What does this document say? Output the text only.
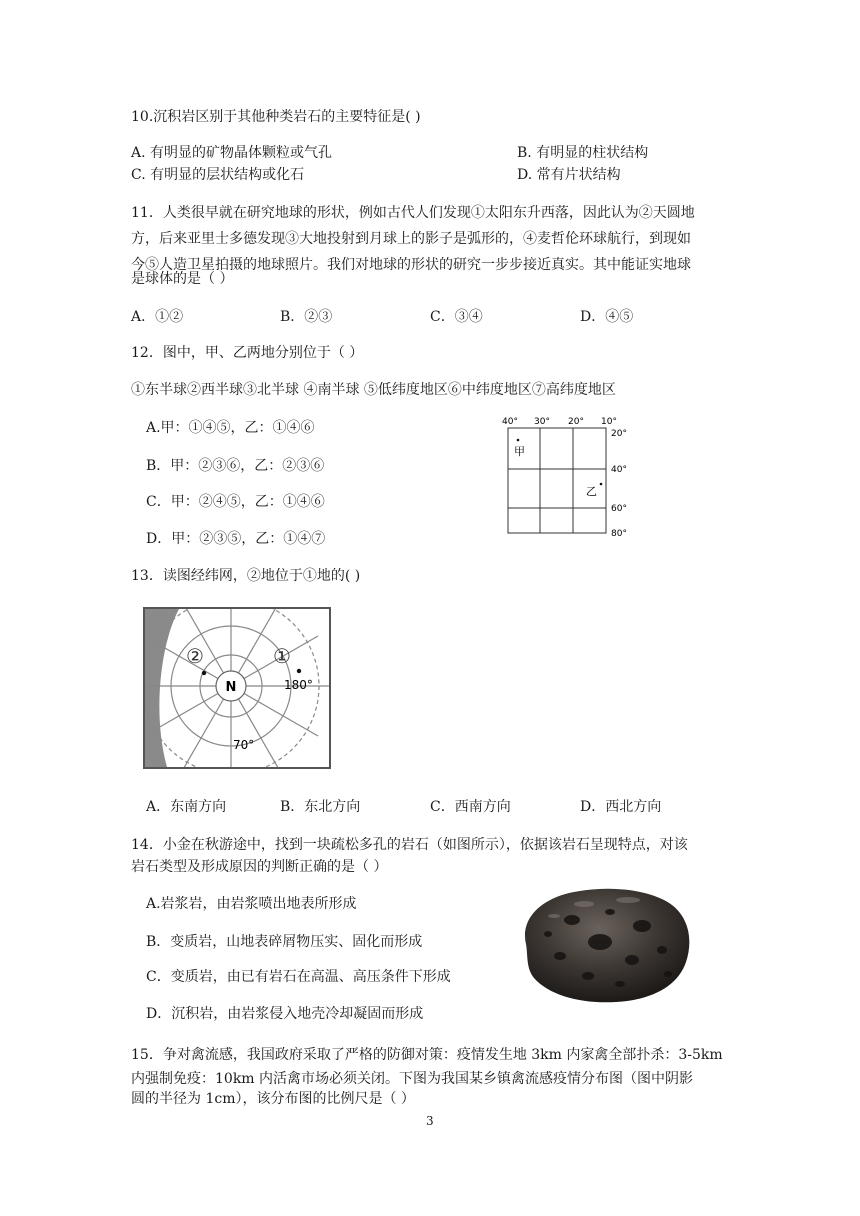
10.沉积岩区别于其他种类岩石的主要特征是( )
A. 有明显的矿物晶体颗粒或气孔	B. 有明显的柱状结构
C. 有明显的层状结构或化石	D. 常有片状结构
11．人类很早就在研究地球的形状，例如古代人们发现①太阳东升西落，因此认为②天圆地
方，后来亚里士多德发现③大地投射到月球上的影子是弧形的，④麦哲伦环球航行，到现如
今⑤人造卫星拍摄的地球照片。我们对地球的形状的研究一步步接近真实。其中能证实地球
是球体的是（ ）
A．①②	B．②③	C．③④	D．④⑤
12．图中，甲、乙两地分别位于（ ）
①东半球②西半球③北半球 ④南半球 ⑤低纬度地区⑥中纬度地区⑦高纬度地区
A.甲：①④⑤，乙：①④⑥
B．甲：②③⑥，乙：②③⑥
C．甲：②④⑤，乙：①④⑥
D．甲：②③⑤，乙：①④⑦
40° 30° 20° 10°
20°
40°
60°
80°
甲
乙
13．读图经纬网，②地位于①地的( )
N
②	①
180°
70°
A．东南方向	B．东北方向	C．西南方向	D．西北方向
14．小金在秋游途中，找到一块疏松多孔的岩石（如图所示），依据该岩石呈现特点，对该
岩石类型及形成原因的判断正确的是（ ）
A.岩浆岩，由岩浆喷出地表所形成
B．变质岩，山地表碎屑物压实、固化而形成
C．变质岩，由已有岩石在高温、高压条件下形成
D．沉积岩，由岩浆侵入地壳冷却凝固而形成
15．争对禽流感，我国政府采取了严格的防御对策：疫情发生地 3km 内家禽全部扑杀：3-5km
内强制免疫：10km 内活禽市场必须关闭。下图为我国某乡镇禽流感疫情分布图（图中阴影
圆的半径为 1cm），该分布图的比例尺是（ ）
3
